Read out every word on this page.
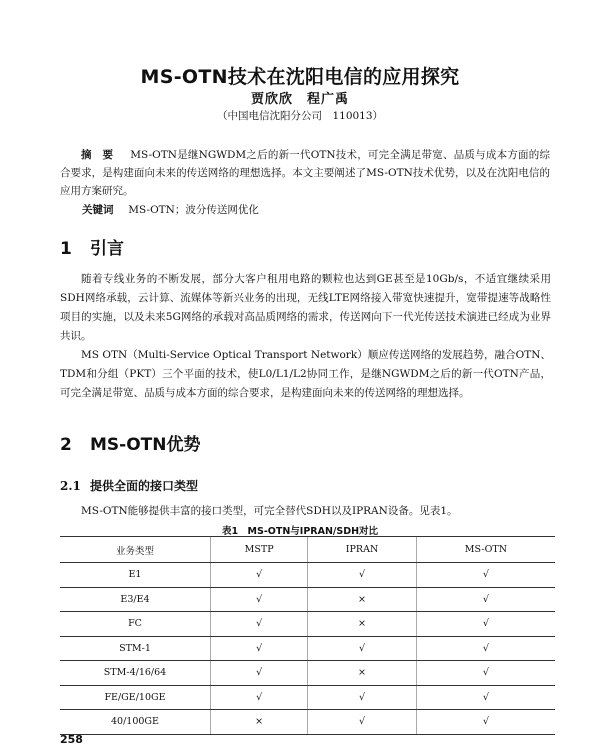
MS-OTN技术在沈阳电信的应用探究
贾欣欣　程广禹
（中国电信沈阳分公司　110013）
摘　要 MS-OTN是继NGWDM之后的新一代OTN技术，可完全满足带宽、品质与成本方面的综合要求，是构建面向未来的传送网络的理想选择。本文主要阐述了MS-OTN技术优势，以及在沈阳电信的应用方案研究。
关键词 MS-OTN；波分传送网优化
1 引言
随着专线业务的不断发展，部分大客户租用电路的颗粒也达到GE甚至是10Gb/s，不适宜继续采用SDH网络承载，云计算、流媒体等新兴业务的出现，无线LTE网络接入带宽快速提升，宽带提速等战略性项目的实施，以及未来5G网络的承载对高品质网络的需求，传送网向下一代光传送技术演进已经成为业界共识。
MS OTN（Multi-Service Optical Transport Network）顺应传送网络的发展趋势，融合OTN、TDM和分组（PKT）三个平面的技术，使L0/L1/L2协同工作，是继NGWDM之后的新一代OTN产品，可完全满足带宽、品质与成本方面的综合要求，是构建面向未来的传送网络的理想选择。
2 MS-OTN优势
2.1 提供全面的接口类型
MS-OTN能够提供丰富的接口类型，可完全替代SDH以及IPRAN设备。见表1。
表1　MS-OTN与IPRAN/SDH对比
业务类型	MSTP	IPRAN	MS-OTN
E1	√	√	√
E3/E4	√	×	√
FC	√	×	√
STM-1	√	√	√
STM-4/16/64	√	×	√
FE/GE/10GE	√	√	√
40/100GE	×	√	√
258
